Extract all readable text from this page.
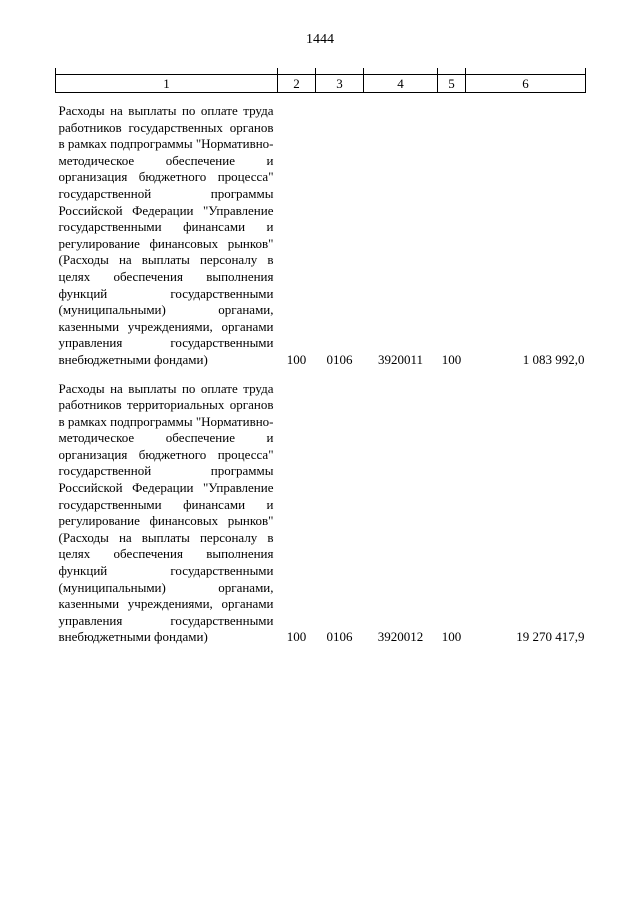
1444

1	2	3	4	5	6
Расходы на выплаты по оплате труда работников государственных органов в рамках подпрограммы "Нормативно-методическое обеспечение и организация бюджетного процесса" государственной программы Российской Федерации "Управление государственными финансами и регулирование финансовых рынков" (Расходы на выплаты персоналу в целях обеспечения выполнения функций государственными (муниципальными) органами, казенными учреждениями, органами управления государственными внебюджетными фондами)	100	0106	3920011	100	1 083 992,0
Расходы на выплаты по оплате труда работников территориальных органов в рамках подпрограммы "Нормативно-методическое обеспечение и организация бюджетного процесса" государственной программы Российской Федерации "Управление государственными финансами и регулирование финансовых рынков" (Расходы на выплаты персоналу в целях обеспечения выполнения функций государственными (муниципальными) органами, казенными учреждениями, органами управления государственными внебюджетными фондами)	100	0106	3920012	100	19 270 417,9
